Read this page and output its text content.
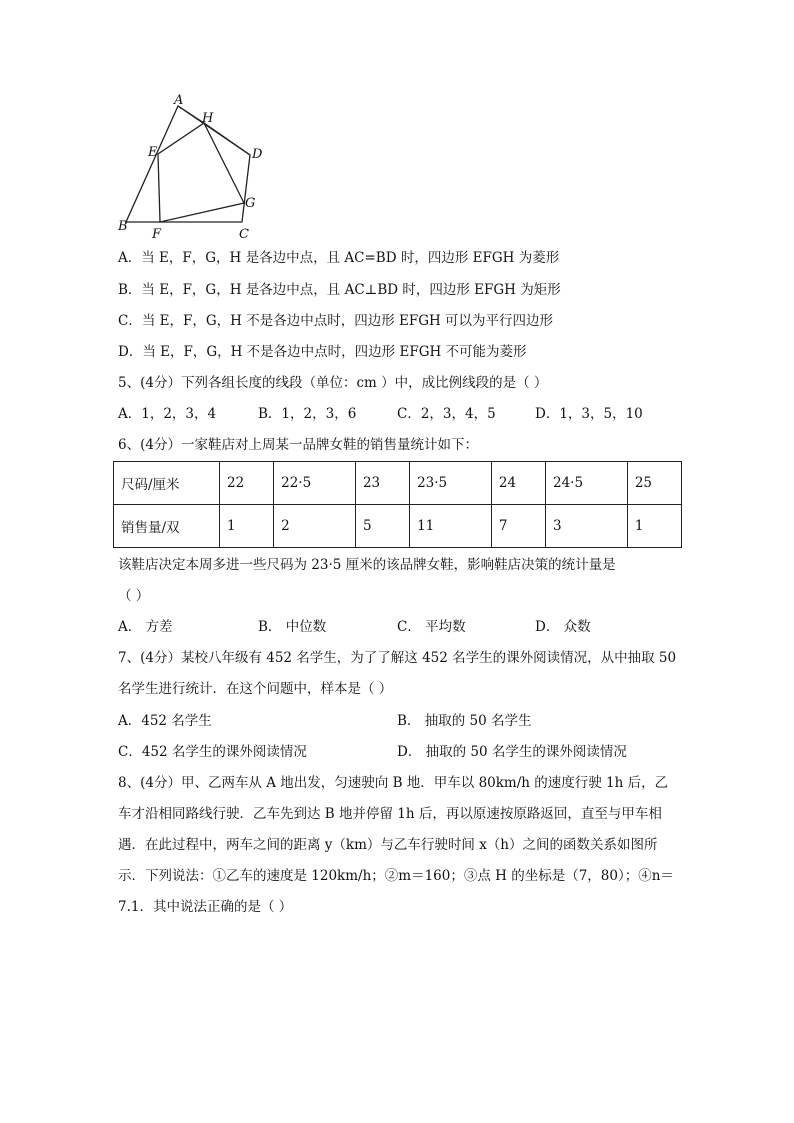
A
H
E	D
G
B
F	C
A．当 E，F，G，H 是各边中点，且 AC=BD 时，四边形 EFGH 为菱形
B．当 E，F，G，H 是各边中点，且 AC⊥BD 时，四边形 EFGH 为矩形
C．当 E，F，G，H 不是各边中点时，四边形 EFGH 可以为平行四边形
D．当 E，F，G，H 不是各边中点时，四边形 EFGH 不可能为菱形
5、(4分）下列各组长度的线段（单位：cm ）中，成比例线段的是（ ）
A．1，2，3，4	B．1，2，3，6	C．2，3，4，5	D．1，3，5，10
6、(4分）一家鞋店对上周某一品牌女鞋的销售量统计如下：
尺码/厘米	22	22·5	23	23·5	24	24·5	25
销售量/双	1	2	5	11	7	3	1
该鞋店决定本周多进一些尺码为 23·5 厘米的该品牌女鞋，影响鞋店决策的统计量是
（ ）
A． 方差	B． 中位数	C． 平均数	D． 众数
7、(4分）某校八年级有 452 名学生，为了了解这 452 名学生的课外阅读情况，从中抽取 50
名学生进行统计．在这个问题中，样本是（ ）
A．452 名学生	B． 抽取的 50 名学生
C．452 名学生的课外阅读情况	D． 抽取的 50 名学生的课外阅读情况
8、(4分）甲、乙两车从 A 地出发，匀速驶向 B 地．甲车以 80km/h 的速度行驶 1h 后，乙
车才沿相同路线行驶．乙车先到达 B 地并停留 1h 后，再以原速按原路返回，直至与甲车相
遇．在此过程中，两车之间的距离 y（km）与乙车行驶时间 x（h）之间的函数关系如图所
示．下列说法：①乙车的速度是 120km/h；②m＝160；③点 H 的坐标是（7，80）；④n＝
7.1．其中说法正确的是（ ）
